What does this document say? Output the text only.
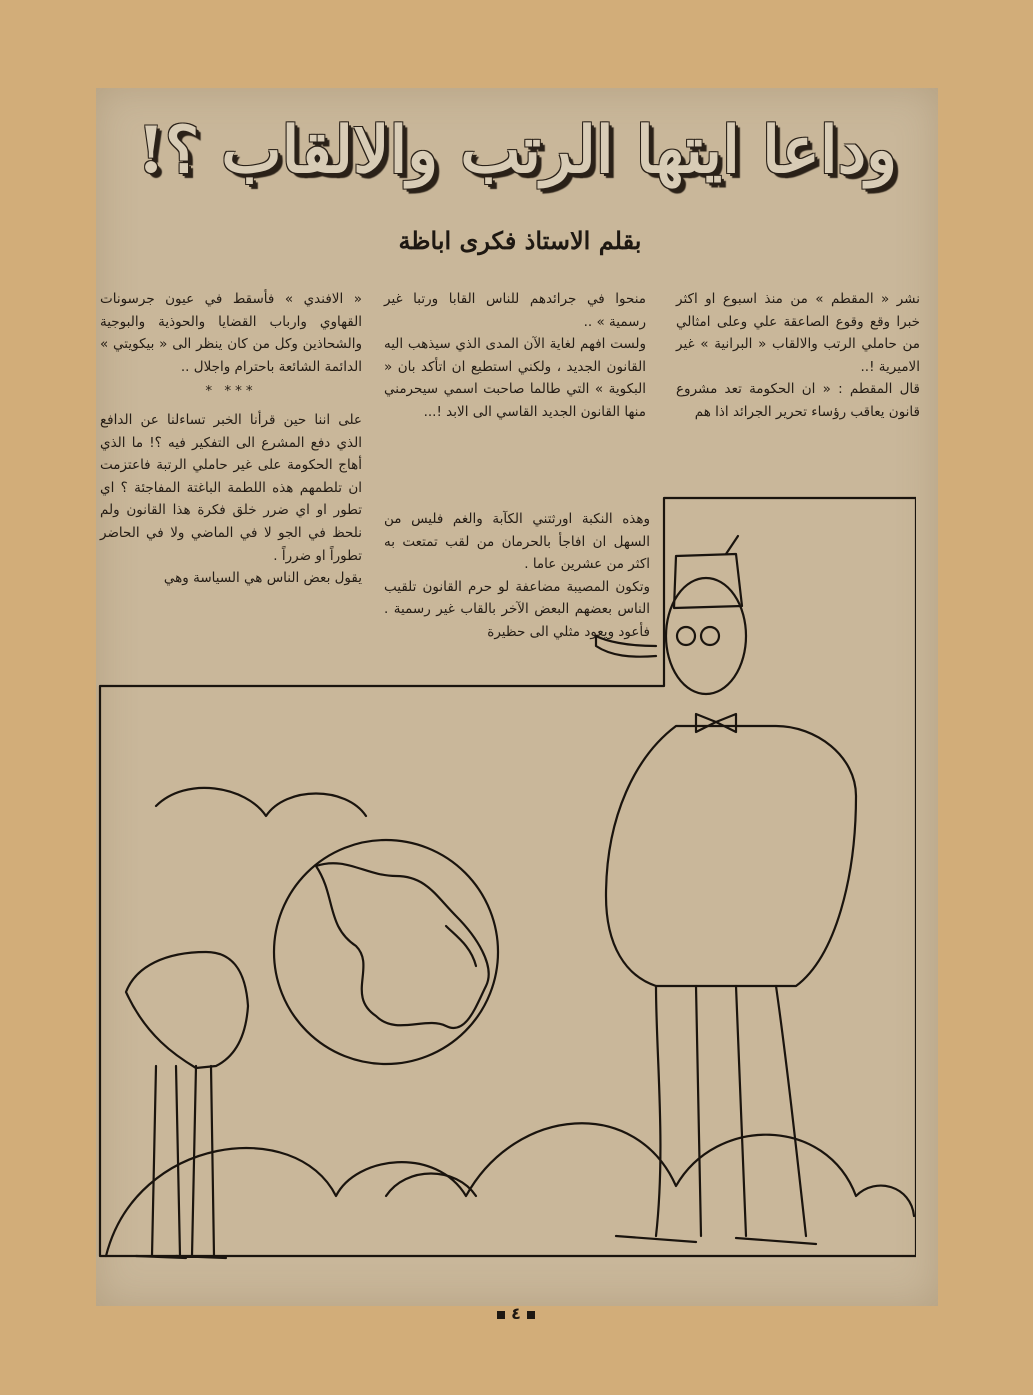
وداعا ايتها الرتب والالقاب ؟!
بقلم الاستاذ فكرى اباظة

نشر « المقطم » من منذ اسبوع او اكثر خبرا وقع وقوع الصاعقة علي وعلى امثالي من حاملي الرتب والالقاب « البرانية » غير الاميرية !..

قال المقطم : « ان الحكومة تعد مشروع قانون يعاقب رؤساء تحرير الجرائد اذا هم

منحوا في جرائدهم للناس القابا ورتبا غير رسمية » ..

ولست افهم لغاية الآن المدى الذي سيذهب اليه القانون الجديد ، ولكني استطيع ان اتأكد بان « البكوية » التي طالما صاحبت اسمي سيحرمني منها القانون الجديد القاسي الى الابد !...

وهذه النكبة اورثتني الكآبة والغم فليس من السهل ان افاجأ بالحرمان من لقب تمتعت به اكثر من عشرين عاما .

وتكون المصيبة مضاعفة لو حرم القانون تلقيب الناس بعضهم البعض الآخر بالقاب غير رسمية . فأعود ويعود مثلي الى حظيرة

« الافندي » فأسقط في عيون جرسونات القهاوي وارباب القضايا والحوذية والبوجية والشحاذين وكل من كان ينظر الى « بيكويتي » الدائمة الشائعة باحترام واجلال ..

*** *

على اننا حين قرأنا الخبر تساءلنا عن الدافع الذي دفع المشرع الى التفكير فيه ؟! ما الذي أهاج الحكومة على غير حاملي الرتبة فاعتزمت ان تلطمهم هذه اللطمة الباغتة المفاجئة ؟ اي تطور او اي ضرر خلق فكرة هذا القانون ولم نلحظ في الجو لا في الماضي ولا في الحاضر تطوراً او ضرراً .

يقول بعض الناس هي السياسة وهي

٤
